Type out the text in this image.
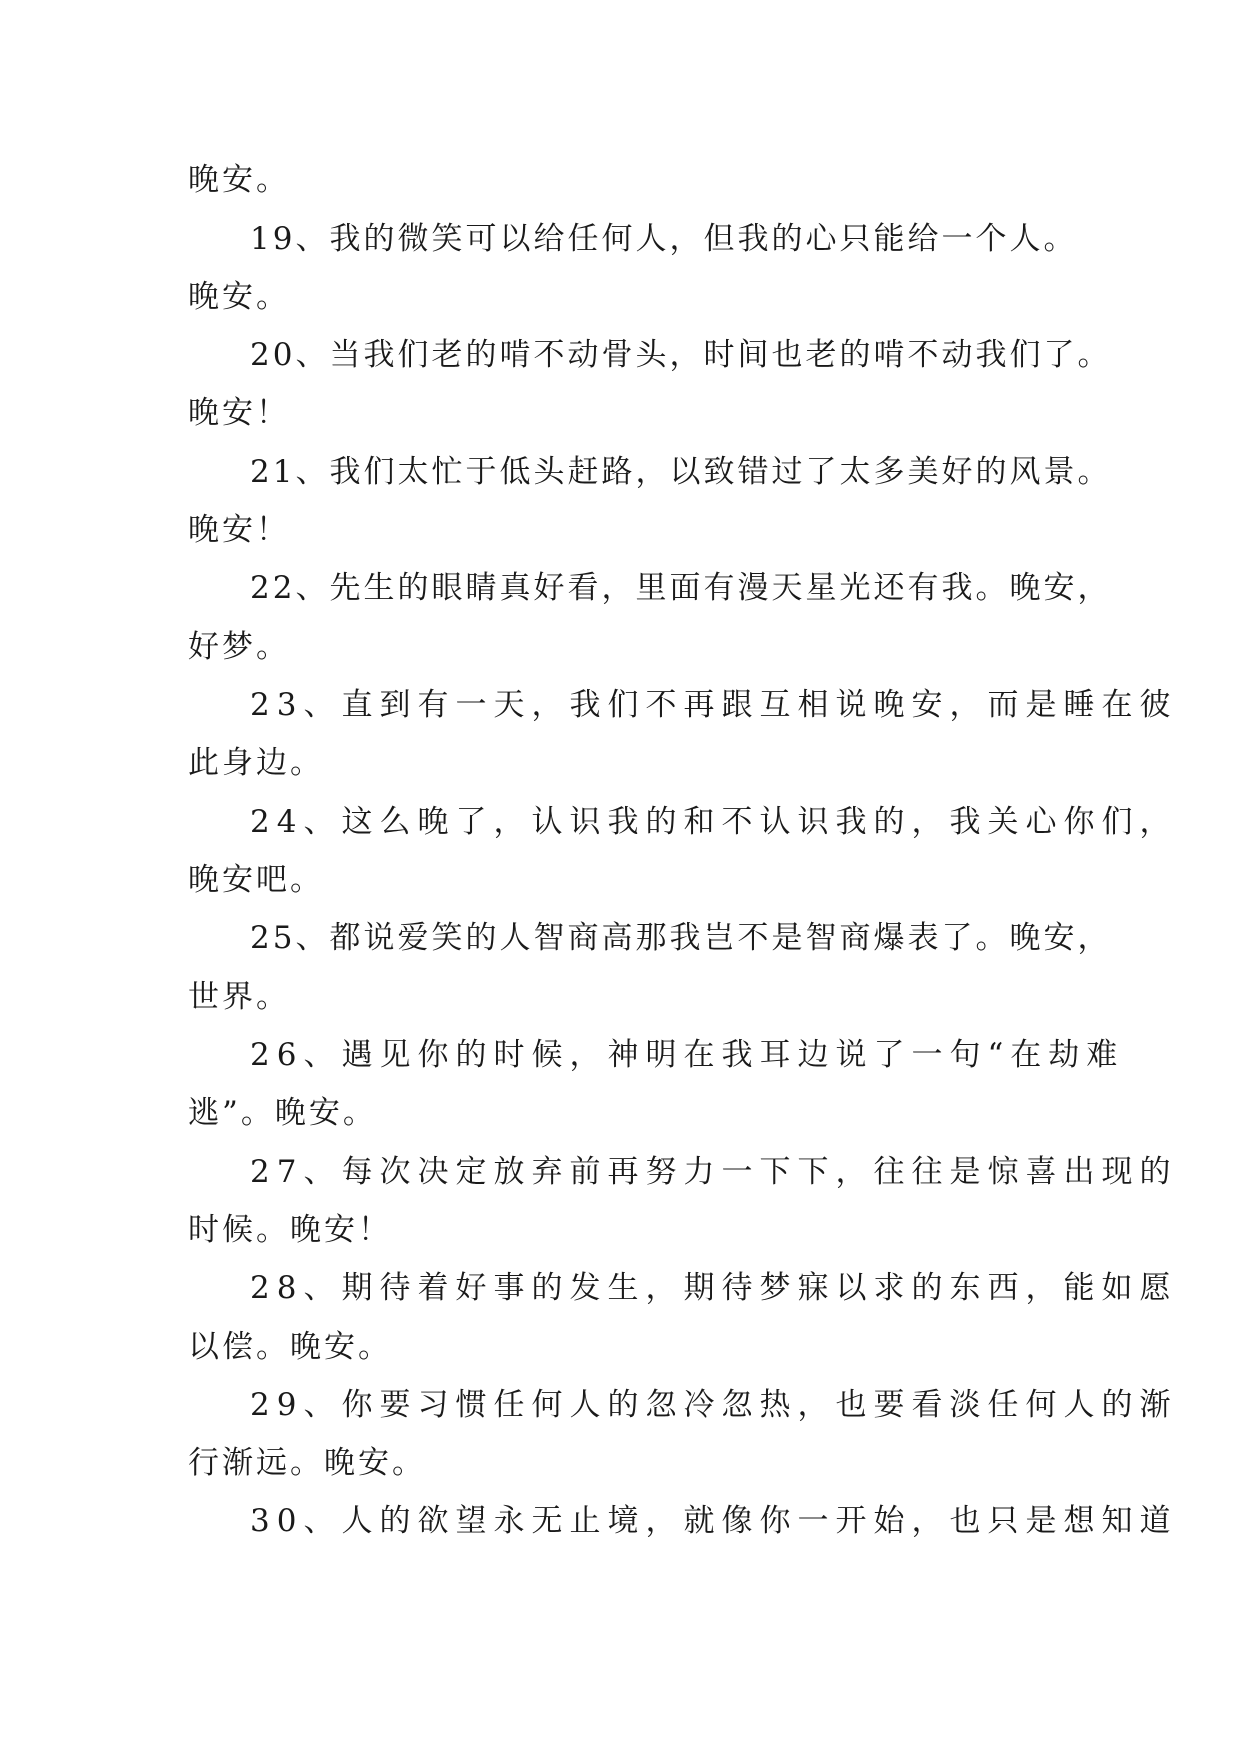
晚安。
19、我的微笑可以给任何人，但我的心只能给一个人。
晚安。
20、当我们老的啃不动骨头，时间也老的啃不动我们了。
晚安！
21、我们太忙于低头赶路，以致错过了太多美好的风景。
晚安！
22、先生的眼睛真好看，里面有漫天星光还有我。晚安，
好梦。
23、直到有一天，我们不再跟互相说晚安，而是睡在彼
此身边。
24、这么晚了，认识我的和不认识我的，我关心你们，
晚安吧。
25、都说爱笑的人智商高那我岂不是智商爆表了。晚安，
世界。
26、遇见你的时候，神明在我耳边说了一句“在劫难
逃”。晚安。
27、每次决定放弃前再努力一下下，往往是惊喜出现的
时候。晚安！
28、期待着好事的发生，期待梦寐以求的东西，能如愿
以偿。晚安。
29、你要习惯任何人的忽冷忽热，也要看淡任何人的渐
行渐远。晚安。
30、人的欲望永无止境，就像你一开始，也只是想知道
